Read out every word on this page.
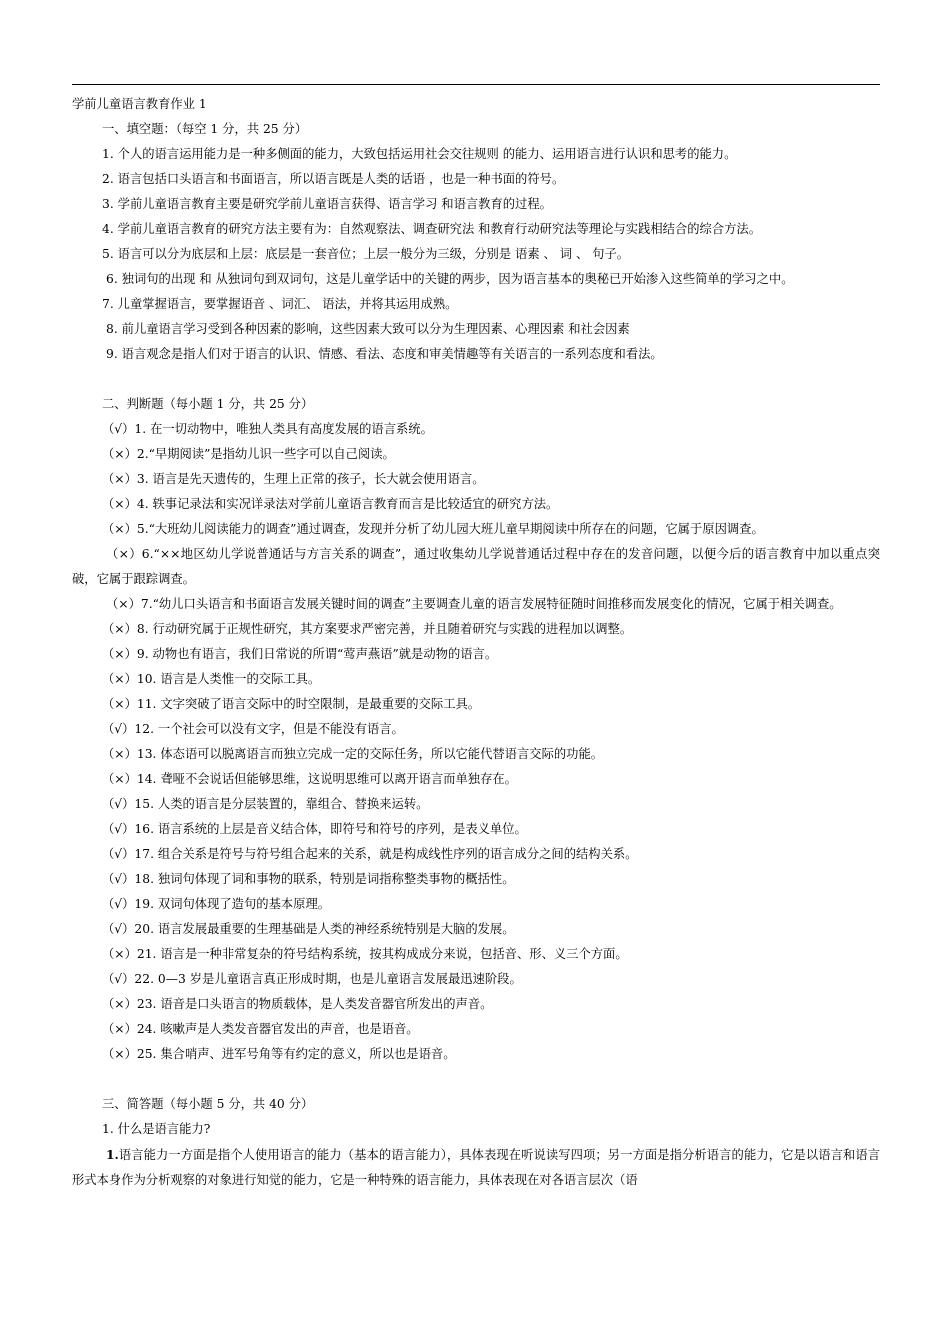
学前儿童语言教育作业 1

一、填空题：（每空 1 分，共 25 分）

1. 个人的语言运用能力是一种多侧面的能力，大致包括运用社会交往规则 的能力、运用语言进行认识和思考的能力。

2. 语言包括口头语言和书面语言，所以语言既是人类的话语 ，也是一种书面的符号。

3. 学前儿童语言教育主要是研究学前儿童语言获得、语言学习 和语言教育的过程。

4. 学前儿童语言教育的研究方法主要有为：自然观察法、调查研究法 和教育行动研究法等理论与实践相结合的综合方法。

5. 语言可以分为底层和上层：底层是一套音位；上层一般分为三级，分别是 语素 、 词 、 句子。

6. 独词句的出现 和 从独词句到双词句，这是儿童学话中的关键的两步，因为语言基本的奥秘已开始渗入这些简单的学习之中。

7. 儿童掌握语言，要掌握语音 、词汇、 语法，并将其运用成熟。

8. 前儿童语言学习受到各种因素的影响，这些因素大致可以分为生理因素、心理因素 和社会因素

9. 语言观念是指人们对于语言的认识、情感、看法、态度和审美情趣等有关语言的一系列态度和看法。

二、判断题（每小题 1 分，共 25 分）

（√）1. 在一切动物中，唯独人类具有高度发展的语言系统。

（×）2.“早期阅读”是指幼儿识一些字可以自己阅读。

（×）3. 语言是先天遗传的，生理上正常的孩子，长大就会使用语言。

（×）4. 轶事记录法和实况详录法对学前儿童语言教育而言是比较适宜的研究方法。

（×）5.“大班幼儿阅读能力的调查”通过调查，发现并分析了幼儿园大班儿童早期阅读中所存在的问题，它属于原因调查。

（×）6.“××地区幼儿学说普通话与方言关系的调查”，通过收集幼儿学说普通话过程中存在的发音问题，以便今后的语言教育中加以重点突破，它属于跟踪调查。

（×）7.“幼儿口头语言和书面语言发展关键时间的调查”主要调查儿童的语言发展特征随时间推移而发展变化的情况，它属于相关调查。

（×）8. 行动研究属于正规性研究，其方案要求严密完善，并且随着研究与实践的进程加以调整。

（×）9. 动物也有语言，我们日常说的所谓“莺声燕语”就是动物的语言。

（×）10. 语言是人类惟一的交际工具。

（×）11. 文字突破了语言交际中的时空限制，是最重要的交际工具。

（√）12. 一个社会可以没有文字，但是不能没有语言。

（×）13. 体态语可以脱离语言而独立完成一定的交际任务，所以它能代替语言交际的功能。

（×）14. 聋哑不会说话但能够思维，这说明思维可以离开语言而单独存在。

（√）15. 人类的语言是分层装置的，靠组合、替换来运转。

（√）16. 语言系统的上层是音义结合体，即符号和符号的序列，是表义单位。

（√）17. 组合关系是符号与符号组合起来的关系，就是构成线性序列的语言成分之间的结构关系。

（√）18. 独词句体现了词和事物的联系，特别是词指称整类事物的概括性。

（√）19. 双词句体现了造句的基本原理。

（√）20. 语言发展最重要的生理基础是人类的神经系统特别是大脑的发展。

（×）21. 语言是一种非常复杂的符号结构系统，按其构成成分来说，包括音、形、义三个方面。

（√）22. 0—3 岁是儿童语言真正形成时期，也是儿童语言发展最迅速阶段。

（×）23. 语音是口头语言的物质载体，是人类发音器官所发出的声音。

（×）24. 咳嗽声是人类发音器官发出的声音，也是语音。

（×）25. 集合哨声、进军号角等有约定的意义，所以也是语音。

三、简答题（每小题 5 分，共 40 分）

1. 什么是语言能力?

1.语言能力一方面是指个人使用语言的能力（基本的语言能力），具体表现在听说读写四项；另一方面是指分析语言的能力，它是以语言和语言形式本身作为分析观察的对象进行知觉的能力，它是一种特殊的语言能力，具体表现在对各语言层次（语
